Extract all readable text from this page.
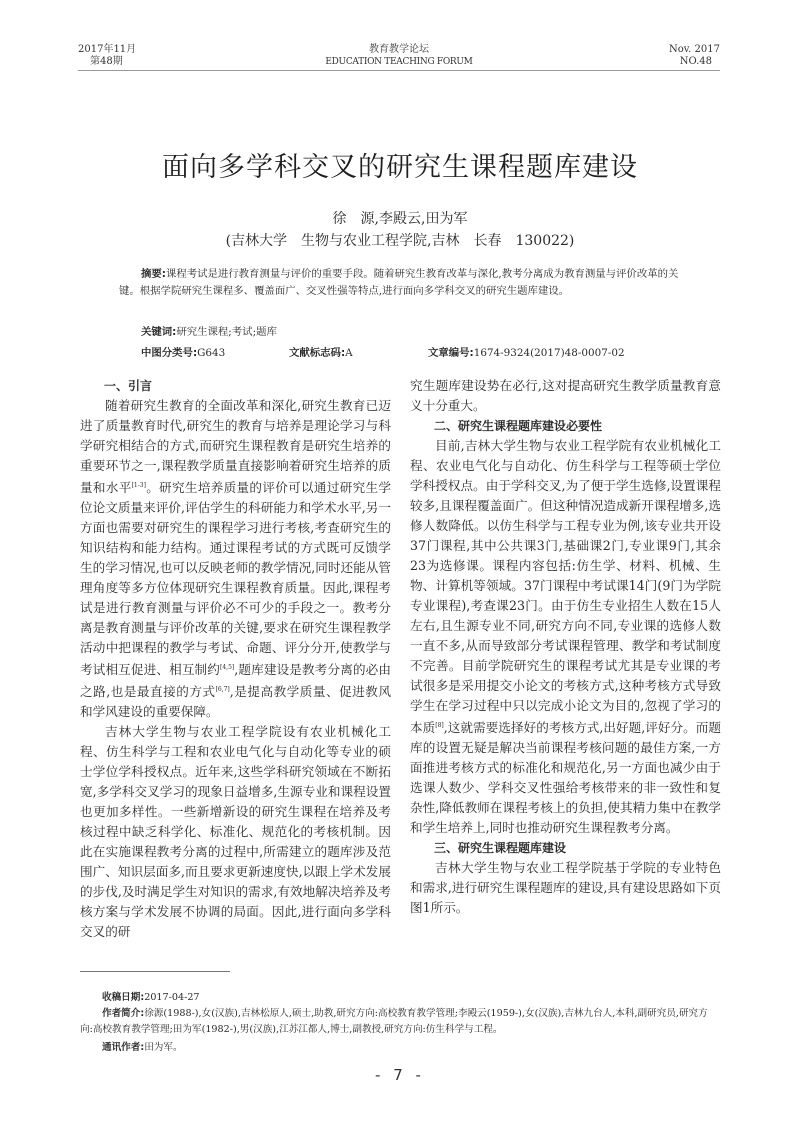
2017年11月
第48期
教育教学论坛
EDUCATION TEACHING FORUM
Nov. 2017
NO.48
面向多学科交叉的研究生课程题库建设
徐　源,李殿云,田为军
(吉林大学　生物与农业工程学院,吉林　长春　130022)
摘要:课程考试是进行教育测量与评价的重要手段。随着研究生教育改革与深化,教考分离成为教育测量与评价改革的关键。根据学院研究生课程多、覆盖面广、交叉性强等特点,进行面向多学科交叉的研究生题库建设。
关键词:研究生课程;考试;题库
中图分类号:G643	文献标志码:A	文章编号:1674-9324(2017)48-0007-02
一、引言

随着研究生教育的全面改革和深化,研究生教育已迈进了质量教育时代,研究生的教育与培养是理论学习与科学研究相结合的方式,而研究生课程教育是研究生培养的重要环节之一,课程教学质量直接影响着研究生培养的质量和水平[1-3]。研究生培养质量的评价可以通过研究生学位论文质量来评价,评估学生的科研能力和学术水平,另一方面也需要对研究生的课程学习进行考核,考查研究生的知识结构和能力结构。通过课程考试的方式既可反馈学生的学习情况,也可以反映老师的教学情况,同时还能从管理角度等多方位体现研究生课程教育质量。因此,课程考试是进行教育测量与评价必不可少的手段之一。教考分离是教育测量与评价改革的关键,要求在研究生课程教学活动中把课程的教学与考试、命题、评分分开,使教学与考试相互促进、相互制约[4,5],题库建设是教考分离的必由之路,也是最直接的方式[6,7],是提高教学质量、促进教风和学风建设的重要保障。

吉林大学生物与农业工程学院设有农业机械化工程、仿生科学与工程和农业电气化与自动化等专业的硕士学位学科授权点。近年来,这些学科研究领域在不断拓宽,多学科交叉学习的现象日益增多,生源专业和课程设置也更加多样性。一些新增新设的研究生课程在培养及考核过程中缺乏科学化、标准化、规范化的考核机制。因此在实施课程教考分离的过程中,所需建立的题库涉及范围广、知识层面多,而且要求更新速度快,以跟上学术发展的步伐,及时满足学生对知识的需求,有效地解决培养及考核方案与学术发展不协调的局面。因此,进行面向多学科交叉的研

究生题库建设势在必行,这对提高研究生教学质量教育意义十分重大。

二、研究生课程题库建设必要性

目前,吉林大学生物与农业工程学院有农业机械化工程、农业电气化与自动化、仿生科学与工程等硕士学位学科授权点。由于学科交叉,为了便于学生选修,设置课程较多,且课程覆盖面广。但这种情况造成新开课程增多,选修人数降低。以仿生科学与工程专业为例,该专业共开设37门课程,其中公共课3门,基础课2门,专业课9门,其余23为选修课。课程内容包括:仿生学、材料、机械、生物、计算机等领域。37门课程中考试课14门(9门为学院专业课程),考查课23门。由于仿生专业招生人数在15人左右,且生源专业不同,研究方向不同,专业课的选修人数一直不多,从而导致部分考试课程管理、教学和考试制度不完善。目前学院研究生的课程考试尤其是专业课的考试很多是采用提交小论文的考核方式,这种考核方式导致学生在学习过程中只以完成小论文为目的,忽视了学习的本质[8],这就需要选择好的考核方式,出好题,评好分。而题库的设置无疑是解决当前课程考核问题的最佳方案,一方面推进考核方式的标准化和规范化,另一方面也减少由于选课人数少、学科交叉性强给考核带来的非一致性和复杂性,降低教师在课程考核上的负担,使其精力集中在教学和学生培养上,同时也推动研究生课程教考分离。

三、研究生课程题库建设

吉林大学生物与农业工程学院基于学院的专业特色和需求,进行研究生课程题库的建设,具有建设思路如下页图1所示。

收稿日期:2017-04-27
作者简介:徐源(1988-),女(汉族),吉林松原人,硕士,助教,研究方向:高校教育教学管理;李殿云(1959-),女(汉族),吉林九台人,本科,副研究员,研究方向:高校教育教学管理;田为军(1982-),男(汉族),江苏江都人,博士,副教授,研究方向:仿生科学与工程。
通讯作者:田为军。
- 7 -
